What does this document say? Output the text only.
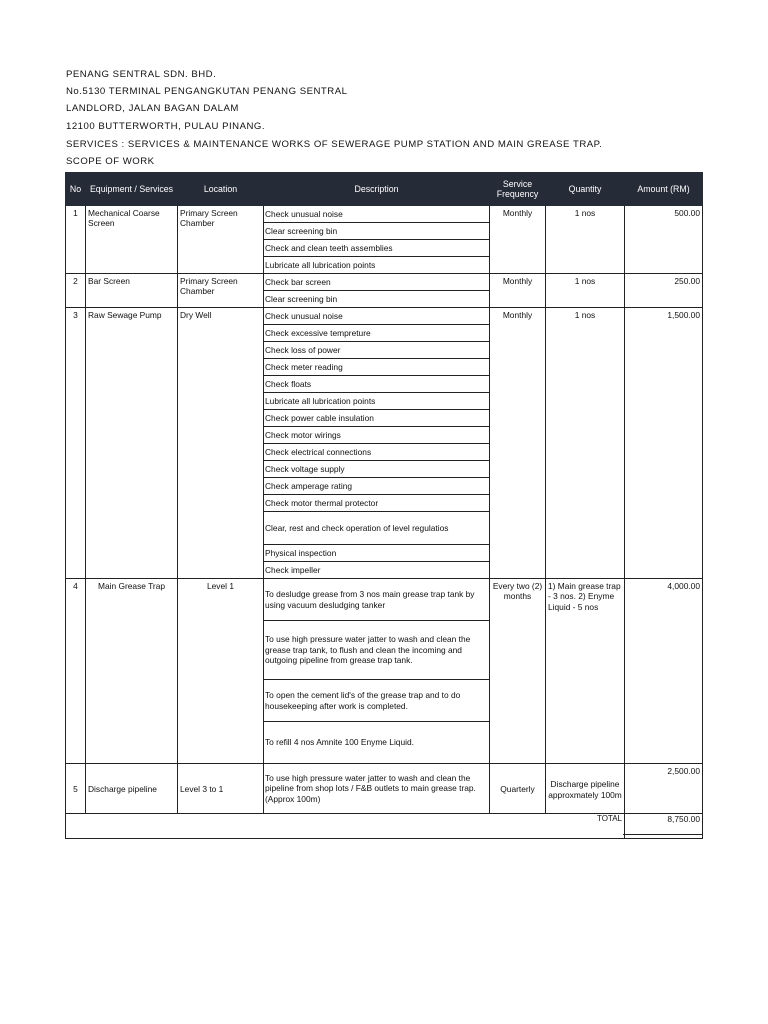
PENANG SENTRAL SDN. BHD.
No.5130 TERMINAL PENGANGKUTAN PENANG SENTRAL
LANDLORD, JALAN BAGAN DALAM
12100 BUTTERWORTH, PULAU PINANG.
SERVICES : SERVICES & MAINTENANCE WORKS OF SEWERAGE PUMP STATION AND MAIN GREASE TRAP.
SCOPE OF WORK
No	Equipment / Services	Location	Description	Service Frequency	Quantity	Amount (RM)
1	Mechanical Coarse Screen	Primary Screen Chamber	Check unusual noise	Monthly	1 nos	500.00
			Clear screening bin			
			Check and clean teeth assemblies			
			Lubricate all lubrication points			
2	Bar Screen	Primary Screen Chamber	Check bar screen	Monthly	1 nos	250.00
			Clear screening bin			
3	Raw Sewage Pump	Dry Well	Check unusual noise	Monthly	1 nos	1,500.00
			Check excessive tempreture			
			Check loss of power			
			Check meter reading			
			Check floats			
			Lubricate all lubrication points			
			Check power cable insulation			
			Check motor wirings			
			Check electrical connections			
			Check voltage supply			
			Check amperage rating			
			Check motor thermal protector			
			Clear, rest and check operation of level regulatios			
			Physical inspection			
			Check impeller			
4	Main Grease Trap	Level 1	To desludge grease from 3 nos main grease trap tank by using vacuum desludging tanker	Every two (2) months	1) Main grease trap - 3 nos. 2) Enyme Liquid - 5 nos	4,000.00
			To use high pressure water jatter to wash and clean the grease trap tank, to flush and clean the incoming and outgoing pipeline from grease trap tank.			
			To open the cement lid's of the grease trap and to do housekeeping after work is completed.			
			To refill 4 nos Amnite 100 Enyme Liquid.			
5	Discharge pipeline	Level 3 to 1	To use high pressure water jatter to wash and clean the pipeline from shop lots / F&B outlets to main grease trap. (Approx 100m)	Quarterly	Discharge pipeline approxmately 100m	2,500.00
TOTAL						8,750.00
